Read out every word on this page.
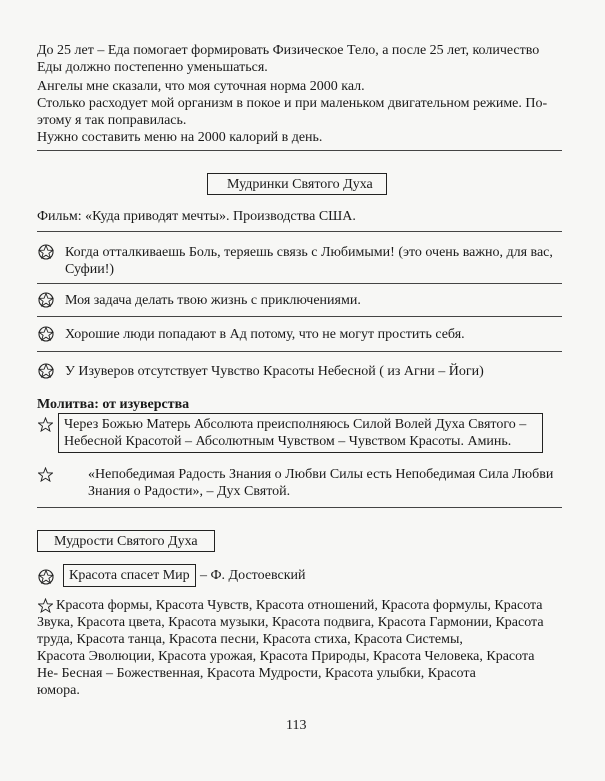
До 25 лет – Еда помогает формировать Физическое Тело, а после 25 лет, количество
Еды должно постепенно уменьшаться.
Ангелы мне сказали, что моя суточная норма 2000 кал.
Столько расходует мой организм в покое и при маленьком двигательном режиме. По-
этому я так поправилась.
Нужно составить меню на 2000 калорий в день.
Мудринки Святого Духа
Фильм: «Куда приводят мечты». Производства США.
Когда отталкиваешь Боль, теряешь связь с Любимыми! (это очень важно, для вас,
Суфии!)
Моя задача делать твою жизнь с приключениями.
Хорошие люди попадают в Ад потому, что не могут простить себя.
У Изуверов отсутствует Чувство Красоты Небесной ( из Агни – Йоги)
Молитва: от изуверства
Через Божью Матерь Абсолюта преисполняюсь Силой Волей Духа Святого –
Небесной Красотой – Абсолютным Чувством – Чувством Красоты. Аминь.
«Непобедимая Радость Знания о Любви Силы есть Непобедимая Сила Любви
Знания о Радости», – Дух Святой.
Мудрости Святого Духа
Красота спасет Мир – Ф. Достоевский
Красота формы, Красота Чувств, Красота отношений, Красота формулы, Красота
Звука, Красота цвета, Красота музыки, Красота подвига, Красота Гармонии, Красота
труда, Красота танца, Красота песни, Красота стиха, Красота Системы,
Красота Эволюции, Красота урожая, Красота Природы, Красота Человека, Красота
Не- Бесная – Божественная, Красота Мудрости, Красота улыбки, Красота
юмора.
113
